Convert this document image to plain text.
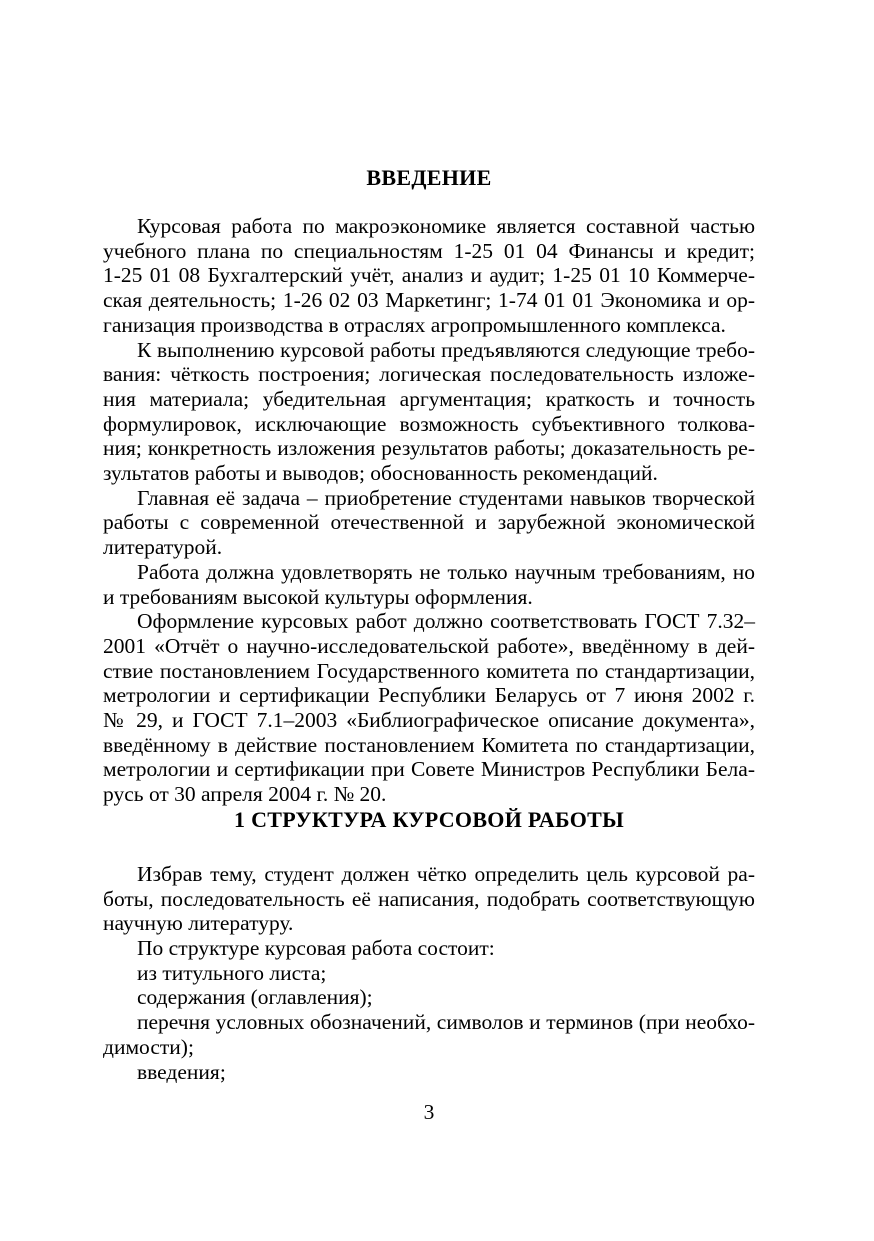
ВВЕДЕНИЕ
Курсовая работа по макроэкономике является составной частью
учебного плана по специальностям 1-25 01 04 Финансы и кредит;
1-25 01 08 Бухгалтерский учёт, анализ и аудит; 1-25 01 10 Коммерче-
ская деятельность; 1-26 02 03 Маркетинг; 1-74 01 01 Экономика и ор-
ганизация производства в отраслях агропромышленного комплекса.
К выполнению курсовой работы предъявляются следующие требо-
вания: чёткость построения; логическая последовательность изложе-
ния материала; убедительная аргументация; краткость и точность
формулировок, исключающие возможность субъективного толкова-
ния; конкретность изложения результатов работы; доказательность ре-
зультатов работы и выводов; обоснованность рекомендаций.
Главная её задача – приобретение студентами навыков творческой
работы с современной отечественной и зарубежной экономической
литературой.
Работа должна удовлетворять не только научным требованиям, но
и требованиям высокой культуры оформления.
Оформление курсовых работ должно соответствовать ГОСТ 7.32–
2001 «Отчёт о научно-исследовательской работе», введённому в дей-
ствие постановлением Государственного комитета по стандартизации,
метрологии и сертификации Республики Беларусь от 7 июня 2002 г.
№ 29, и ГОСТ 7.1–2003 «Библиографическое описание документа»,
введённому в действие постановлением Комитета по стандартизации,
метрологии и сертификации при Совете Министров Республики Бела-
русь от 30 апреля 2004 г. № 20.
1 СТРУКТУРА КУРСОВОЙ РАБОТЫ
Избрав тему, студент должен чётко определить цель курсовой ра-
боты, последовательность её написания, подобрать соответствующую
научную литературу.
По структуре курсовая работа состоит:
из титульного листа;
содержания (оглавления);
перечня условных обозначений, символов и терминов (при необхо-
димости);
введения;
3
